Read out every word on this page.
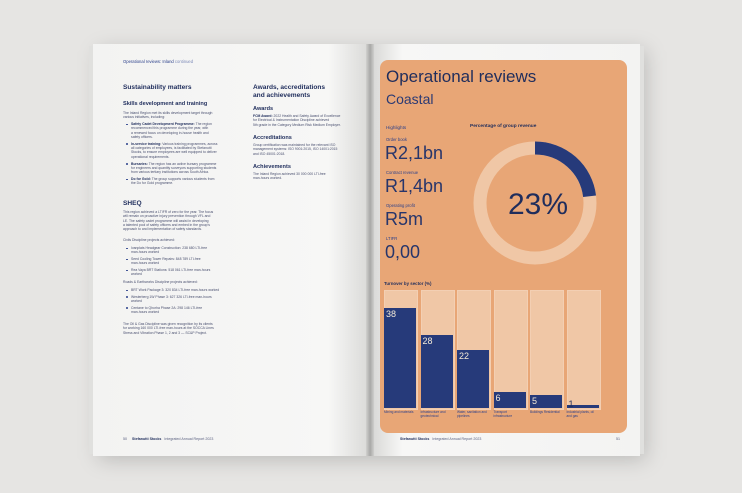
Operational reviews: Inland continued
Sustainability matters
Skills development and training
The Inland Region met its skills development target through
various initiatives, including:
Safety Cadet Development Programme: The region
recommenced this programme during the year, with
a renewed focus on developing in-house health and
safety officers.
In-service training: Various training programmes, across
all categories of employees, is facilitated by Stefanutti
Stocks, to ensure employees are well equipped to deliver
operational requirements.
Bursaries: The region has an active bursary programme
for engineers and quantity surveyors supporting students
from various tertiary institutions across South Africa.
Do for Gold: The group supports various students from
the Do for Gold programme.
SHEQ
This region achieved a LTIFR of zero for the year. The focus
will remain on proactive injury prevention through VFL and
LE. The safety cadet programme will assist in developing
a talented pool of safety officers and embed in the group's
approach to and implementation of safety standards.
Civils Discipline projects achieved:
Ivanplats Headgear Construction: 238 680 LTI-free
man-hours worked
Seed Cooling Tower Repairs: 848 789 LTI-free
man-hours worked
Rea Vaya BRT Stations: 518 061 LTI-free man-hours
worked
Roads & Earthworks Discipline projects achieved:
BRT Work Package 3: 320 834 LTI-free man-hours worked
Westerberg 1W Phase 3: 627 326 LTI-free man-hours
worked
Centane to Qhorha Phase 2A: 298 146 LTI-free
man-hours worked
The Oil & Gas Discipline was given recognition by its clients
for working 160 000 LTI-free man-hours at the SOCCA Lines
Stress and Vibration Phase 1, 2 and 3 — SC&P Project.
Awards, accreditations
and achievements
Awards
FCM Award: 2022 Health and Safety Award of Excellence
for Electrical & Instrumentation Discipline achieved
5th grade in the Category Medium Risk Medium Employer.
Accreditations
Group certification was maintained for the relevant ISO
management systems: ISO 9001:2015, ISO 14001:2015
and ISO 45001:2018.
Achievements
The Inland Region achieved 30 000 000 LTI-free
man-hours worked.
50 Stefanutti Stocks Integrated Annual Report 2023
Operational reviews
Coastal
Highlights
Order book
R2,1bn
Contract revenue
R1,4bn
Operating profit
R5m
LTIFR
0,00
Percentage of group revenue
23%
Turnover by sector (%)
38
Mining and materials
28
Infrastructure and geotechnical
22
Water, sanitation and pipelines
6
Transport infrastructure
5
Buildings Residential
1
Industrial plants, oil and gas
Stefanutti Stocks Integrated Annual Report 2023	51
